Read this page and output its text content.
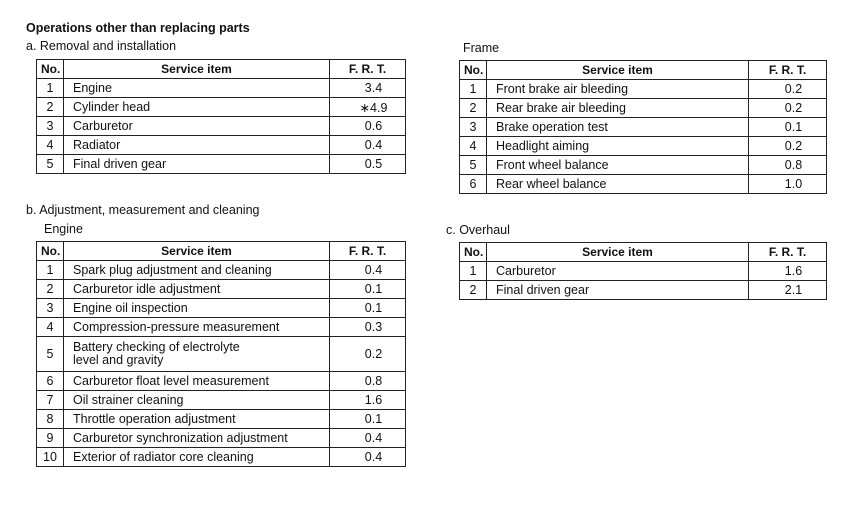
Operations other than replacing parts
a. Removal and installation
No.	Service item	F. R. T.
1	Engine	3.4
2	Cylinder head	∗4.9
3	Carburetor	0.6
4	Radiator	0.4
5	Final driven gear	0.5
b. Adjustment, measurement and cleaning
Engine
No.	Service item	F. R. T.
1	Spark plug adjustment and cleaning	0.4
2	Carburetor idle adjustment	0.1
3	Engine oil inspection	0.1
4	Compression-pressure measurement	0.3
5	Battery checking of electrolyte
level and gravity	0.2
6	Carburetor float level measurement	0.8
7	Oil strainer cleaning	1.6
8	Throttle operation adjustment	0.1
9	Carburetor synchronization adjustment	0.4
10	Exterior of radiator core cleaning	0.4
Frame
No.	Service item	F. R. T.
1	Front brake air bleeding	0.2
2	Rear brake air bleeding	0.2
3	Brake operation test	0.1
4	Headlight aiming	0.2
5	Front wheel balance	0.8
6	Rear wheel balance	1.0
c. Overhaul
No.	Service item	F. R. T.
1	Carburetor	1.6
2	Final driven gear	2.1
